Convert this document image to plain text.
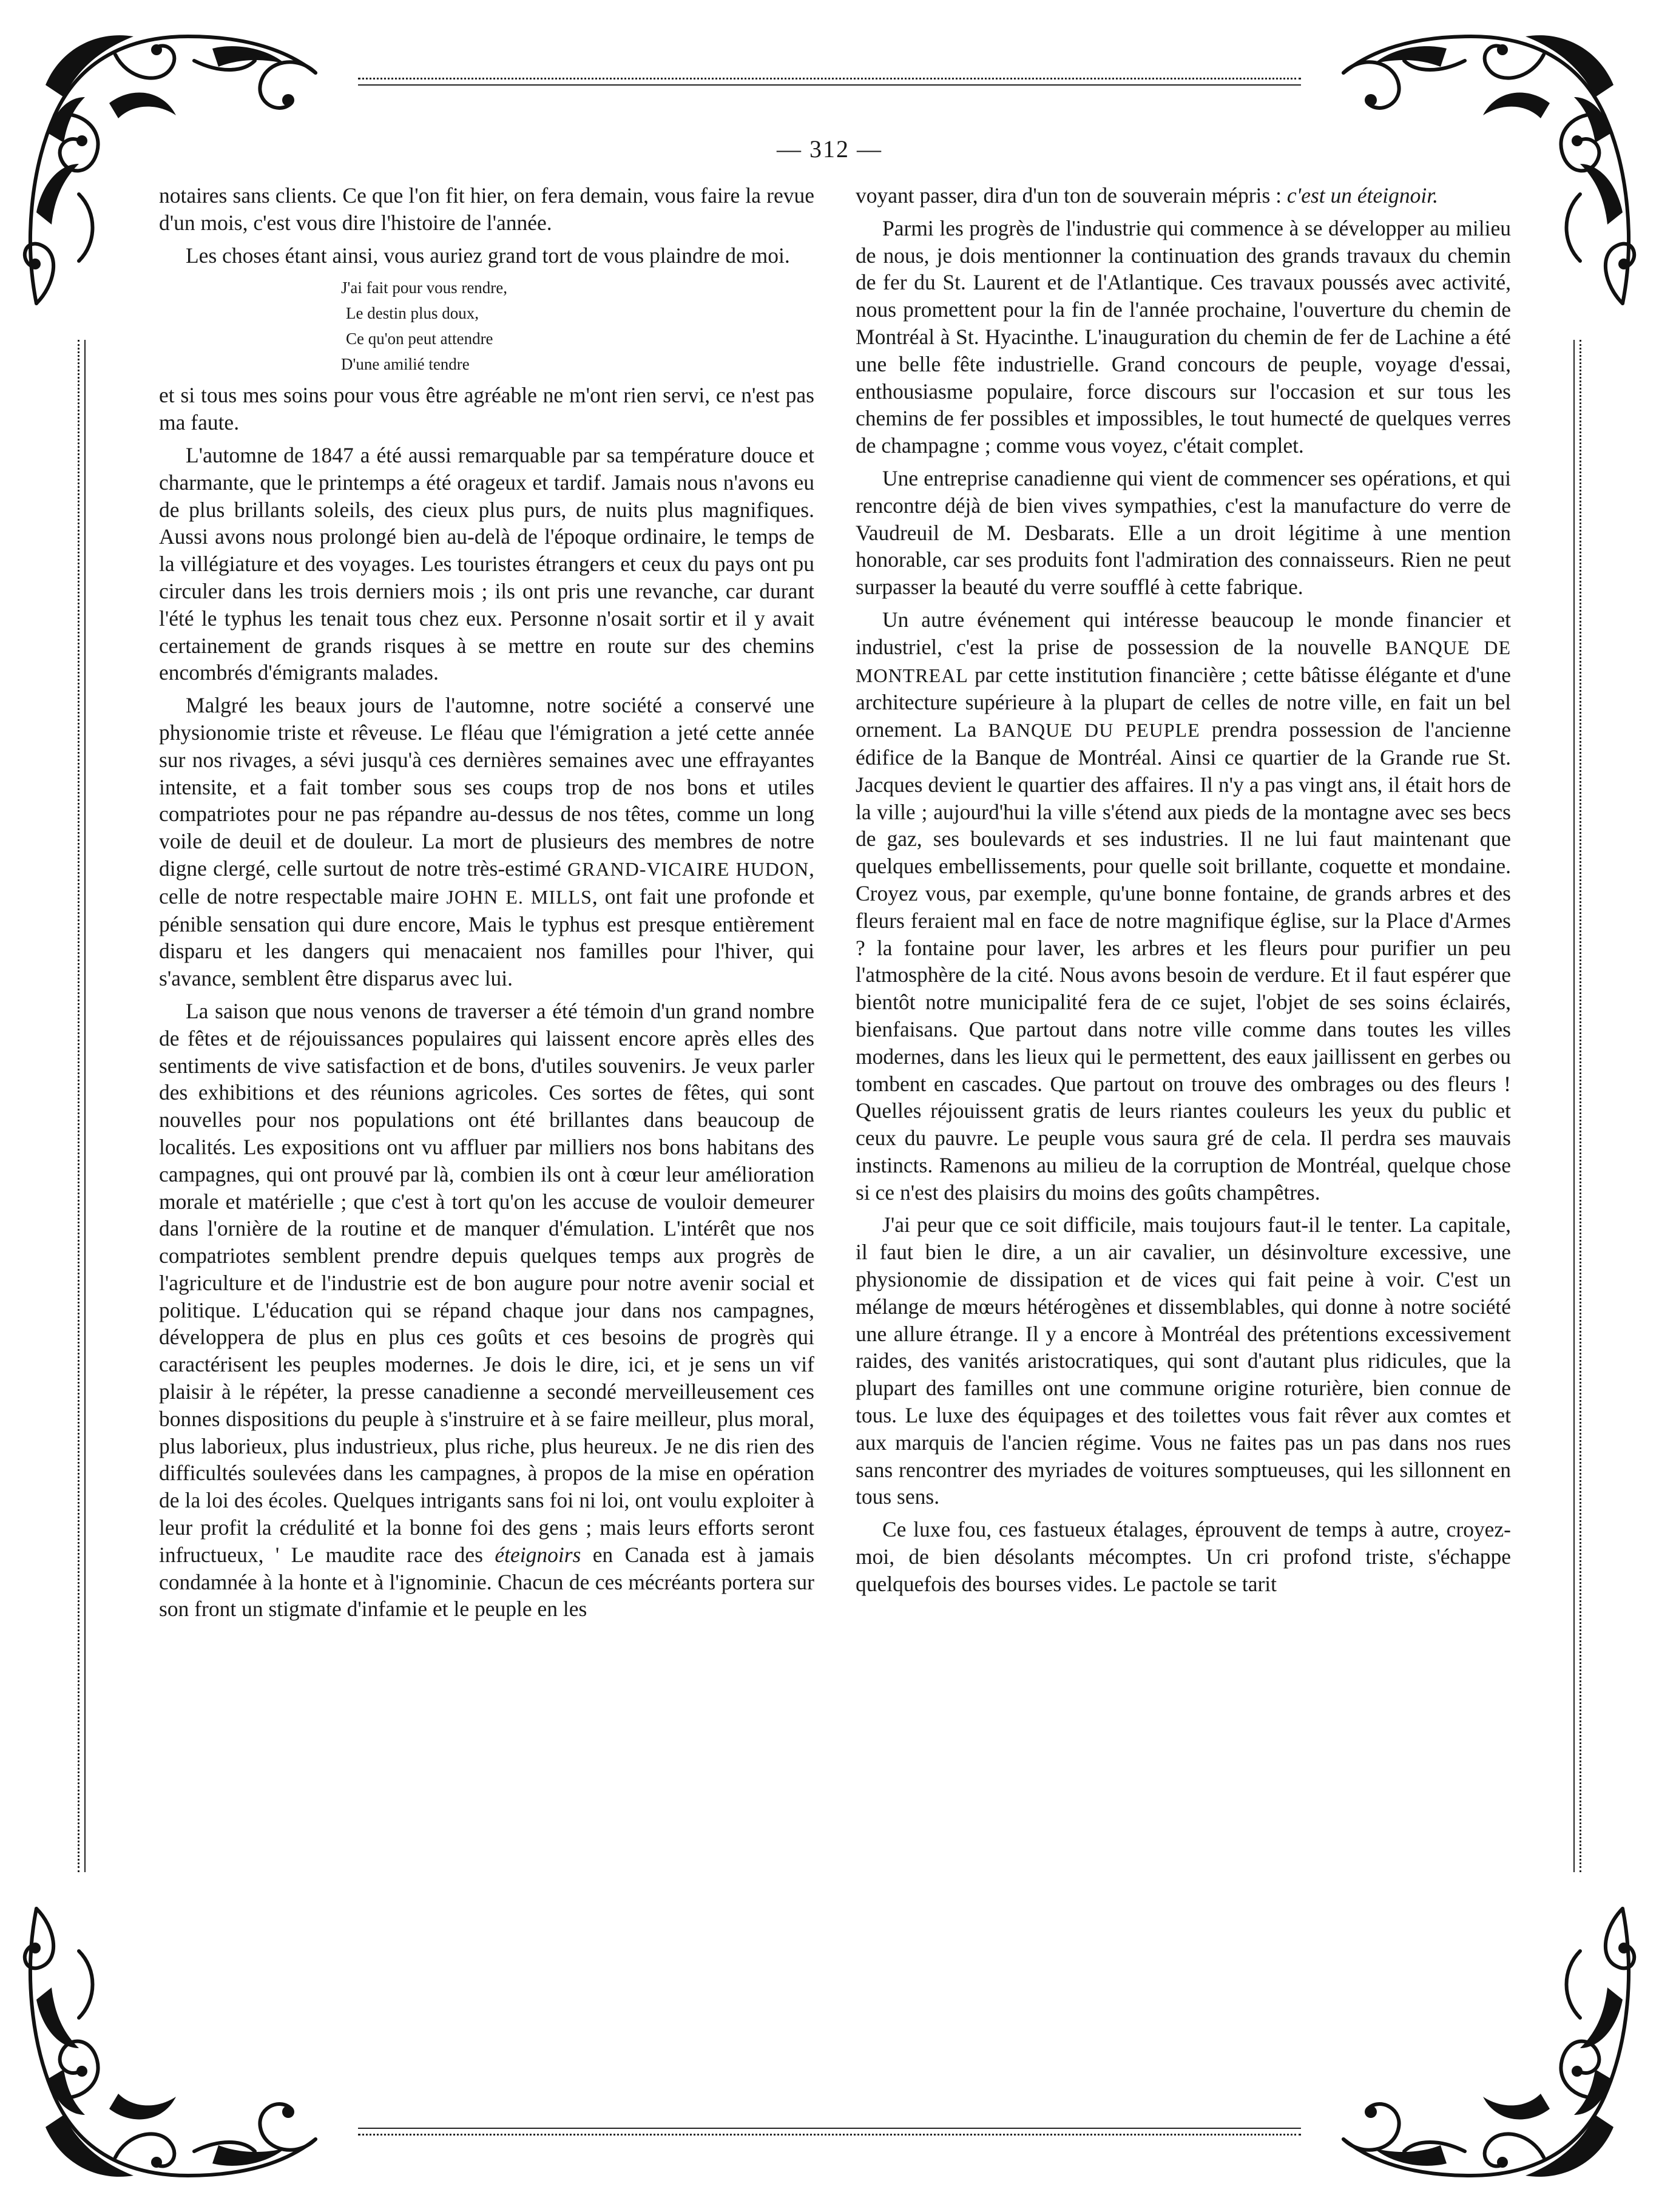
— 312 —

notaires sans clients. Ce que l'on fit hier, on fera demain, vous faire la revue d'un mois, c'est vous dire l'histoire de l'année.

Les choses étant ainsi, vous auriez grand tort de vous plaindre de moi.

J'ai fait pour vous rendre,
Le destin plus doux,
Ce qu'on peut attendre
D'une amilié tendre

et si tous mes soins pour vous être agréable ne m'ont rien servi, ce n'est pas ma faute.

L'automne de 1847 a été aussi remarquable par sa température douce et charmante, que le printemps a été orageux et tardif. Jamais nous n'avons eu de plus brillants soleils, des cieux plus purs, de nuits plus magnifiques. Aussi avons nous prolongé bien au-delà de l'époque ordinaire, le temps de la villégiature et des voyages. Les touristes étrangers et ceux du pays ont pu circuler dans les trois derniers mois ; ils ont pris une revanche, car durant l'été le typhus les tenait tous chez eux. Personne n'osait sortir et il y avait certainement de grands risques à se mettre en route sur des chemins encombrés d'émigrants malades.

Malgré les beaux jours de l'automne, notre société a conservé une physionomie triste et rêveuse. Le fléau que l'émigration a jeté cette année sur nos rivages, a sévi jusqu'à ces dernières semaines avec une effrayantes intensite, et a fait tomber sous ses coups trop de nos bons et utiles compatriotes pour ne pas répandre au-dessus de nos têtes, comme un long voile de deuil et de douleur. La mort de plusieurs des membres de notre digne clergé, celle surtout de notre très-estimé GRAND-VICAIRE HUDON, celle de notre respectable maire JOHN E. MILLS, ont fait une profonde et pénible sensation qui dure encore, Mais le typhus est presque entièrement disparu et les dangers qui menacaient nos familles pour l'hiver, qui s'avance, semblent être disparus avec lui.

La saison que nous venons de traverser a été témoin d'un grand nombre de fêtes et de réjouissances populaires qui laissent encore après elles des sentiments de vive satisfaction et de bons, d'utiles souvenirs. Je veux parler des exhibitions et des réunions agricoles. Ces sortes de fêtes, qui sont nouvelles pour nos populations ont été brillantes dans beaucoup de localités. Les expositions ont vu affluer par milliers nos bons habitans des campagnes, qui ont prouvé par là, combien ils ont à cœur leur amélioration morale et matérielle ; que c'est à tort qu'on les accuse de vouloir demeurer dans l'ornière de la routine et de manquer d'émulation. L'intérêt que nos compatriotes semblent prendre depuis quelques temps aux progrès de l'agriculture et de l'industrie est de bon augure pour notre avenir social et politique. L'éducation qui se répand chaque jour dans nos campagnes, développera de plus en plus ces goûts et ces besoins de progrès qui caractérisent les peuples modernes. Je dois le dire, ici, et je sens un vif plaisir à le répéter, la presse canadienne a secondé merveilleusement ces bonnes dispositions du peuple à s'instruire et à se faire meilleur, plus moral, plus laborieux, plus industrieux, plus riche, plus heureux. Je ne dis rien des difficultés soulevées dans les campagnes, à propos de la mise en opération de la loi des écoles. Quelques intrigants sans foi ni loi, ont voulu exploiter à leur profit la crédulité et la bonne foi des gens ; mais leurs efforts seront infructueux, ' Le maudite race des éteignoirs en Canada est à jamais condamnée à la honte et à l'ignominie. Chacun de ces mécréants portera sur son front un stigmate d'infamie et le peuple en les

voyant passer, dira d'un ton de souverain mépris : c'est un éteignoir.

Parmi les progrès de l'industrie qui commence à se développer au milieu de nous, je dois mentionner la continuation des grands travaux du chemin de fer du St. Laurent et de l'Atlantique. Ces travaux poussés avec activité, nous promettent pour la fin de l'année prochaine, l'ouverture du chemin de Montréal à St. Hyacinthe. L'inauguration du chemin de fer de Lachine a été une belle fête industrielle. Grand concours de peuple, voyage d'essai, enthousiasme populaire, force discours sur l'occasion et sur tous les chemins de fer possibles et impossibles, le tout humecté de quelques verres de champagne ; comme vous voyez, c'était complet.

Une entreprise canadienne qui vient de commencer ses opérations, et qui rencontre déjà de bien vives sympathies, c'est la manufacture do verre de Vaudreuil de M. Desbarats. Elle a un droit légitime à une mention honorable, car ses produits font l'admiration des connaisseurs. Rien ne peut surpasser la beauté du verre soufflé à cette fabrique.

Un autre événement qui intéresse beaucoup le monde financier et industriel, c'est la prise de possession de la nouvelle BANQUE DE MONTREAL par cette institution financière ; cette bâtisse élégante et d'une architecture supérieure à la plupart de celles de notre ville, en fait un bel ornement. La BANQUE DU PEUPLE prendra possession de l'ancienne édifice de la Banque de Montréal. Ainsi ce quartier de la Grande rue St. Jacques devient le quartier des affaires. Il n'y a pas vingt ans, il était hors de la ville ; aujourd'hui la ville s'étend aux pieds de la montagne avec ses becs de gaz, ses boulevards et ses industries. Il ne lui faut maintenant que quelques embellissements, pour quelle soit brillante, coquette et mondaine. Croyez vous, par exemple, qu'une bonne fontaine, de grands arbres et des fleurs feraient mal en face de notre magnifique église, sur la Place d'Armes ? la fontaine pour laver, les arbres et les fleurs pour purifier un peu l'atmosphère de la cité. Nous avons besoin de verdure. Et il faut espérer que bientôt notre municipalité fera de ce sujet, l'objet de ses soins éclairés, bienfaisans. Que partout dans notre ville comme dans toutes les villes modernes, dans les lieux qui le permettent, des eaux jaillissent en gerbes ou tombent en cascades. Que partout on trouve des ombrages ou des fleurs ! Quelles réjouissent gratis de leurs riantes couleurs les yeux du public et ceux du pauvre. Le peuple vous saura gré de cela. Il perdra ses mauvais instincts. Ramenons au milieu de la corruption de Montréal, quelque chose si ce n'est des plaisirs du moins des goûts champêtres.

J'ai peur que ce soit difficile, mais toujours faut-il le tenter. La capitale, il faut bien le dire, a un air cavalier, un désinvolture excessive, une physionomie de dissipation et de vices qui fait peine à voir. C'est un mélange de mœurs hétérogènes et dissemblables, qui donne à notre société une allure étrange. Il y a encore à Montréal des prétentions excessivement raides, des vanités aristocratiques, qui sont d'autant plus ridicules, que la plupart des familles ont une commune origine roturière, bien connue de tous. Le luxe des équipages et des toilettes vous fait rêver aux comtes et aux marquis de l'ancien régime. Vous ne faites pas un pas dans nos rues sans rencontrer des myriades de voitures somptueuses, qui les sillonnent en tous sens.

Ce luxe fou, ces fastueux étalages, éprouvent de temps à autre, croyez-moi, de bien désolants mécomptes. Un cri profond triste, s'échappe quelquefois des bourses vides. Le pactole se tarit
